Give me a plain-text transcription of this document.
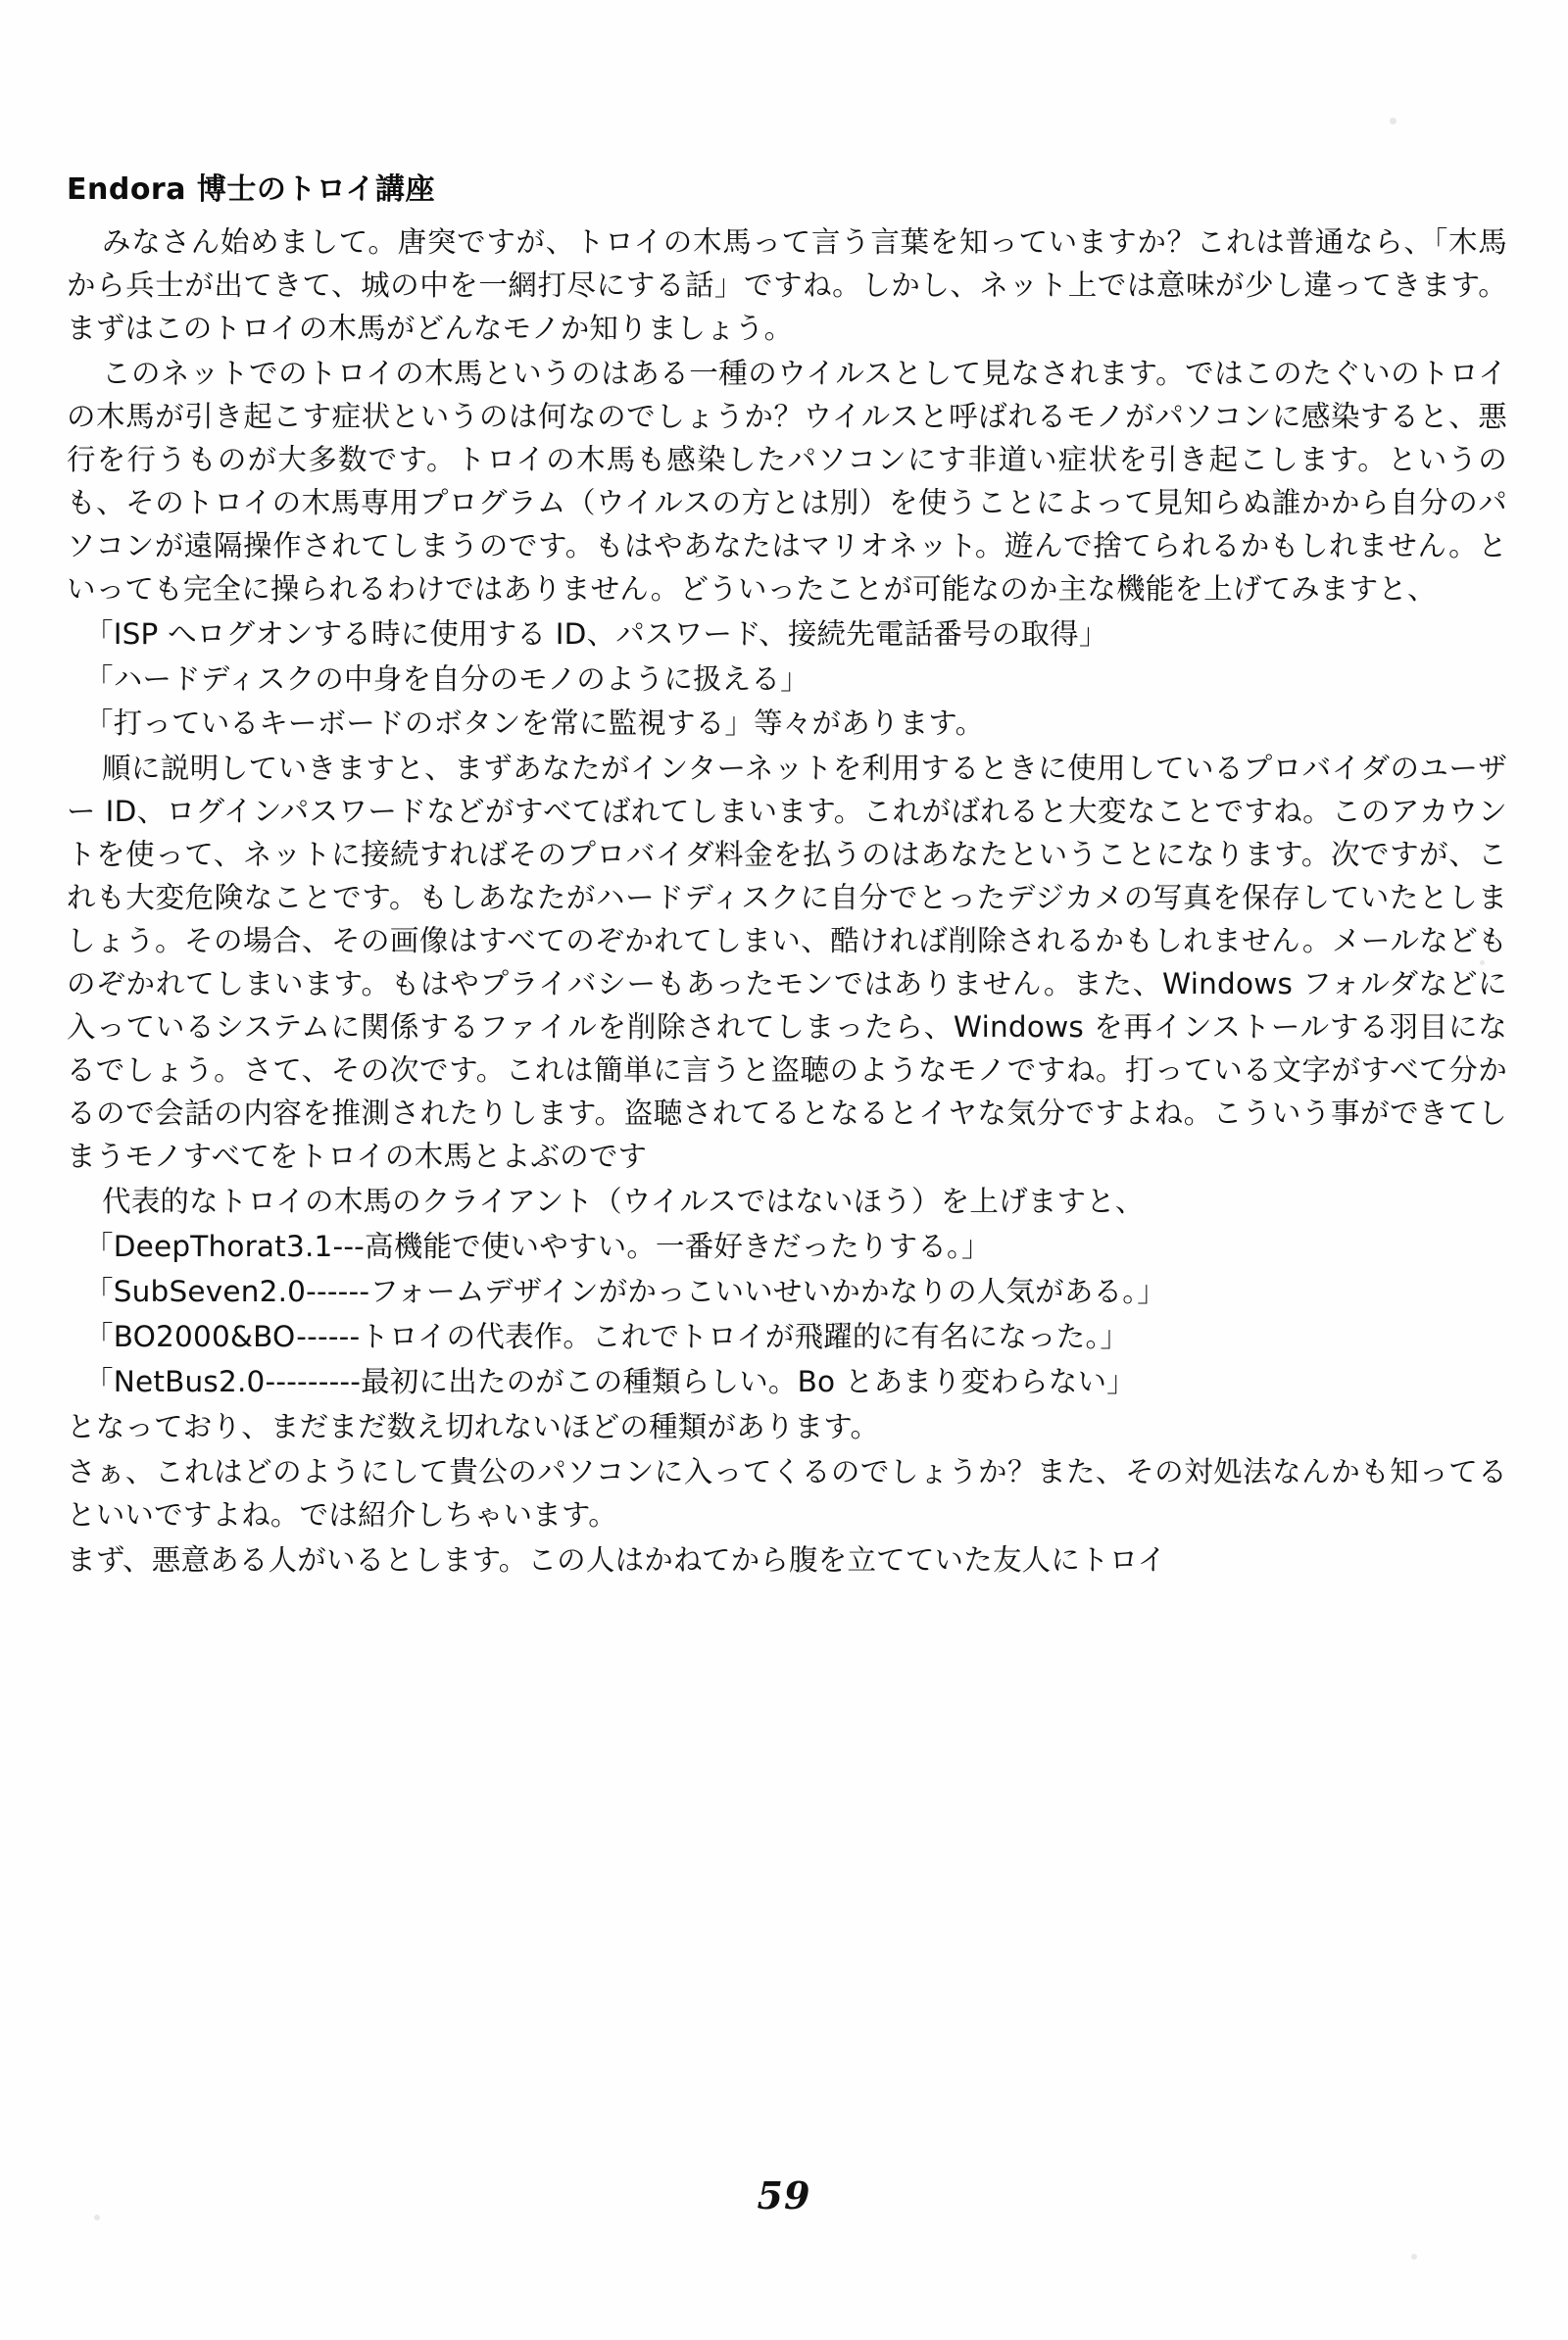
Endora 博士のトロイ講座

みなさん始めまして。唐突ですが、トロイの木馬って言う言葉を知っていますか？これは普通なら、「木馬から兵士が出てきて、城の中を一網打尽にする話」ですね。しかし、ネット上では意味が少し違ってきます。まずはこのトロイの木馬がどんなモノか知りましょう。

このネットでのトロイの木馬というのはある一種のウイルスとして見なされます。ではこのたぐいのトロイの木馬が引き起こす症状というのは何なのでしょうか？ウイルスと呼ばれるモノがパソコンに感染すると、悪行を行うものが大多数です。トロイの木馬も感染したパソコンにす非道い症状を引き起こします。というのも、そのトロイの木馬専用プログラム（ウイルスの方とは別）を使うことによって見知らぬ誰かから自分のパソコンが遠隔操作されてしまうのです。もはやあなたはマリオネット。遊んで捨てられるかもしれません。といっても完全に操られるわけではありません。どういったことが可能なのか主な機能を上げてみますと、

「ISP へログオンする時に使用する ID、パスワード、接続先電話番号の取得」

「ハードディスクの中身を自分のモノのように扱える」

「打っているキーボードのボタンを常に監視する」等々があります。

順に説明していきますと、まずあなたがインターネットを利用するときに使用しているプロバイダのユーザー ID、ログインパスワードなどがすべてばれてしまいます。これがばれると大変なことですね。このアカウントを使って、ネットに接続すればそのプロバイダ料金を払うのはあなたということになります。次ですが、これも大変危険なことです。もしあなたがハードディスクに自分でとったデジカメの写真を保存していたとしましょう。その場合、その画像はすべてのぞかれてしまい、酷ければ削除されるかもしれません。メールなどものぞかれてしまいます。もはやプライバシーもあったモンではありません。また、Windows フォルダなどに入っているシステムに関係するファイルを削除されてしまったら、Windows を再インストールする羽目になるでしょう。さて、その次です。これは簡単に言うと盗聴のようなモノですね。打っている文字がすべて分かるので会話の内容を推測されたりします。盗聴されてるとなるとイヤな気分ですよね。こういう事ができてしまうモノすべてをトロイの木馬とよぶのです

代表的なトロイの木馬のクライアント（ウイルスではないほう）を上げますと、

「DeepThorat3.1---高機能で使いやすい。一番好きだったりする。」

「SubSeven2.0------フォームデザインがかっこいいせいかかなりの人気がある。」

「BO2000&BO------トロイの代表作。これでトロイが飛躍的に有名になった。」

「NetBus2.0---------最初に出たのがこの種類らしい。Bo とあまり変わらない」

となっており、まだまだ数え切れないほどの種類があります。

さぁ、これはどのようにして貴公のパソコンに入ってくるのでしょうか？また、その対処法なんかも知ってるといいですよね。では紹介しちゃいます。

まず、悪意ある人がいるとします。この人はかねてから腹を立てていた友人にトロイ

59
